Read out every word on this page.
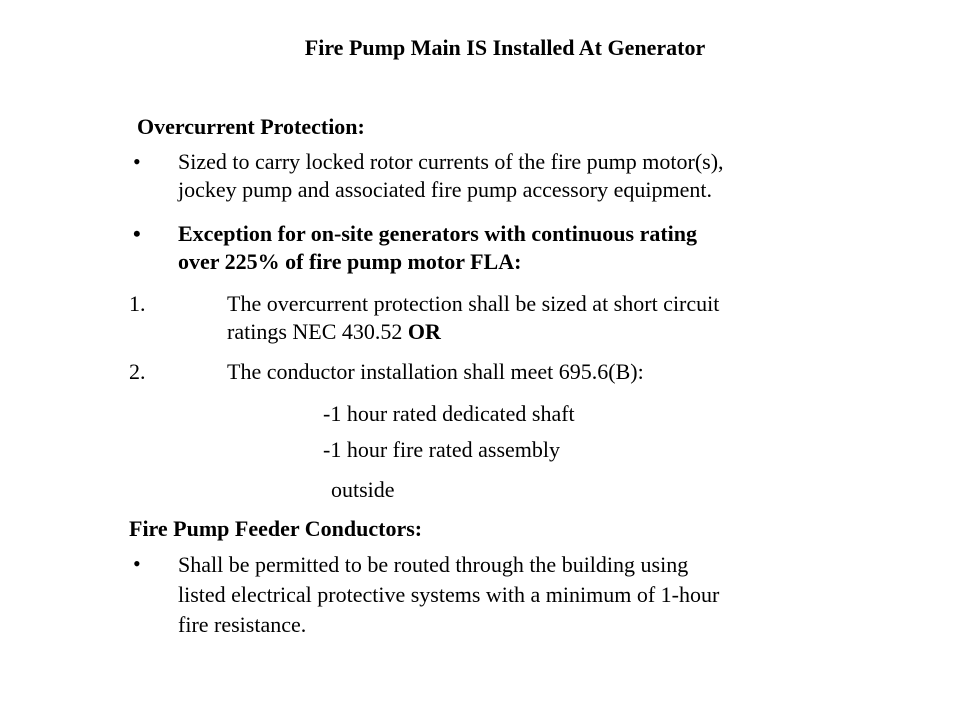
Fire Pump Main IS Installed At Generator
Overcurrent Protection:
• Sized to carry locked rotor currents of the fire pump motor(s),
jockey pump and associated fire pump accessory equipment.
• Exception for on-site generators with continuous rating
over 225% of fire pump motor FLA:
1.	The overcurrent protection shall be sized at short circuit
ratings NEC 430.52 OR
2.	The conductor installation shall meet 695.6(B):
-1 hour rated dedicated shaft
-1 hour fire rated assembly
outside
Fire Pump Feeder Conductors:
• Shall be permitted to be routed through the building using
listed electrical protective systems with a minimum of 1-hour
fire resistance.
